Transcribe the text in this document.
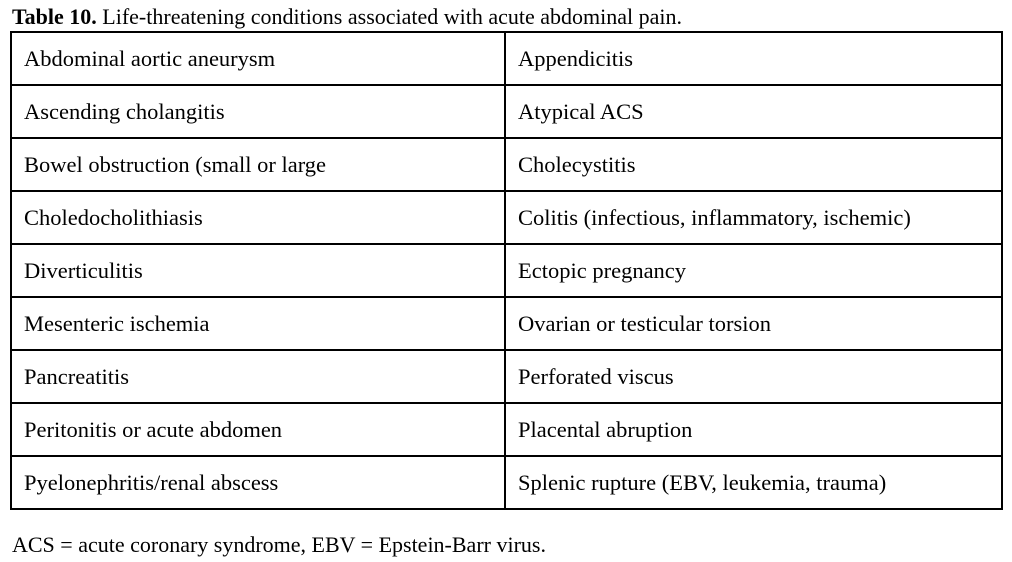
Table 10. Life-threatening conditions associated with acute abdominal pain.
Abdominal aortic aneurysm	Appendicitis
Ascending cholangitis	Atypical ACS
Bowel obstruction (small or large	Cholecystitis
Choledocholithiasis	Colitis (infectious, inflammatory, ischemic)
Diverticulitis	Ectopic pregnancy
Mesenteric ischemia	Ovarian or testicular torsion
Pancreatitis	Perforated viscus
Peritonitis or acute abdomen	Placental abruption
Pyelonephritis/renal abscess	Splenic rupture (EBV, leukemia, trauma)
ACS = acute coronary syndrome, EBV = Epstein-Barr virus.
